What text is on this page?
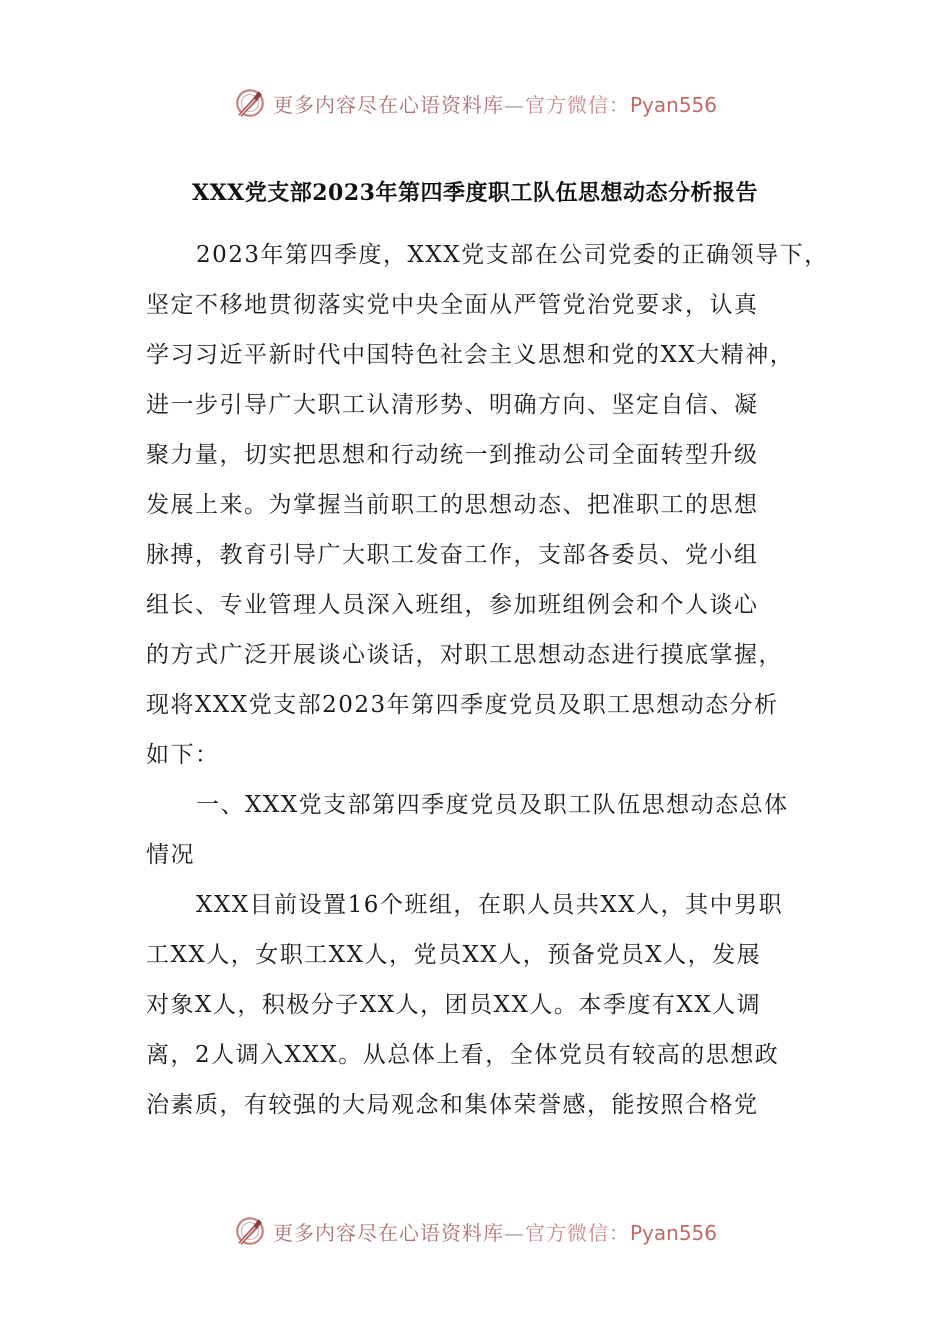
更多内容尽在心语资料库—官方微信：Pyan556
XXX党支部2023年第四季度职工队伍思想动态分析报告
2023年第四季度，XXX党支部在公司党委的正确领导下，
坚定不移地贯彻落实党中央全面从严管党治党要求，认真
学习习近平新时代中国特色社会主义思想和党的XX大精神，
进一步引导广大职工认清形势、明确方向、坚定自信、凝
聚力量，切实把思想和行动统一到推动公司全面转型升级
发展上来。为掌握当前职工的思想动态、把准职工的思想
脉搏，教育引导广大职工发奋工作，支部各委员、党小组
组长、专业管理人员深入班组，参加班组例会和个人谈心
的方式广泛开展谈心谈话，对职工思想动态进行摸底掌握，
现将XXX党支部2023年第四季度党员及职工思想动态分析
如下：
一、XXX党支部第四季度党员及职工队伍思想动态总体
情况
XXX目前设置16个班组，在职人员共XX人，其中男职
工XX人，女职工XX人，党员XX人，预备党员X人，发展
对象X人，积极分子XX人，团员XX人。本季度有XX人调
离，2人调入XXX。从总体上看，全体党员有较高的思想政
治素质，有较强的大局观念和集体荣誉感，能按照合格党
更多内容尽在心语资料库—官方微信：Pyan556
